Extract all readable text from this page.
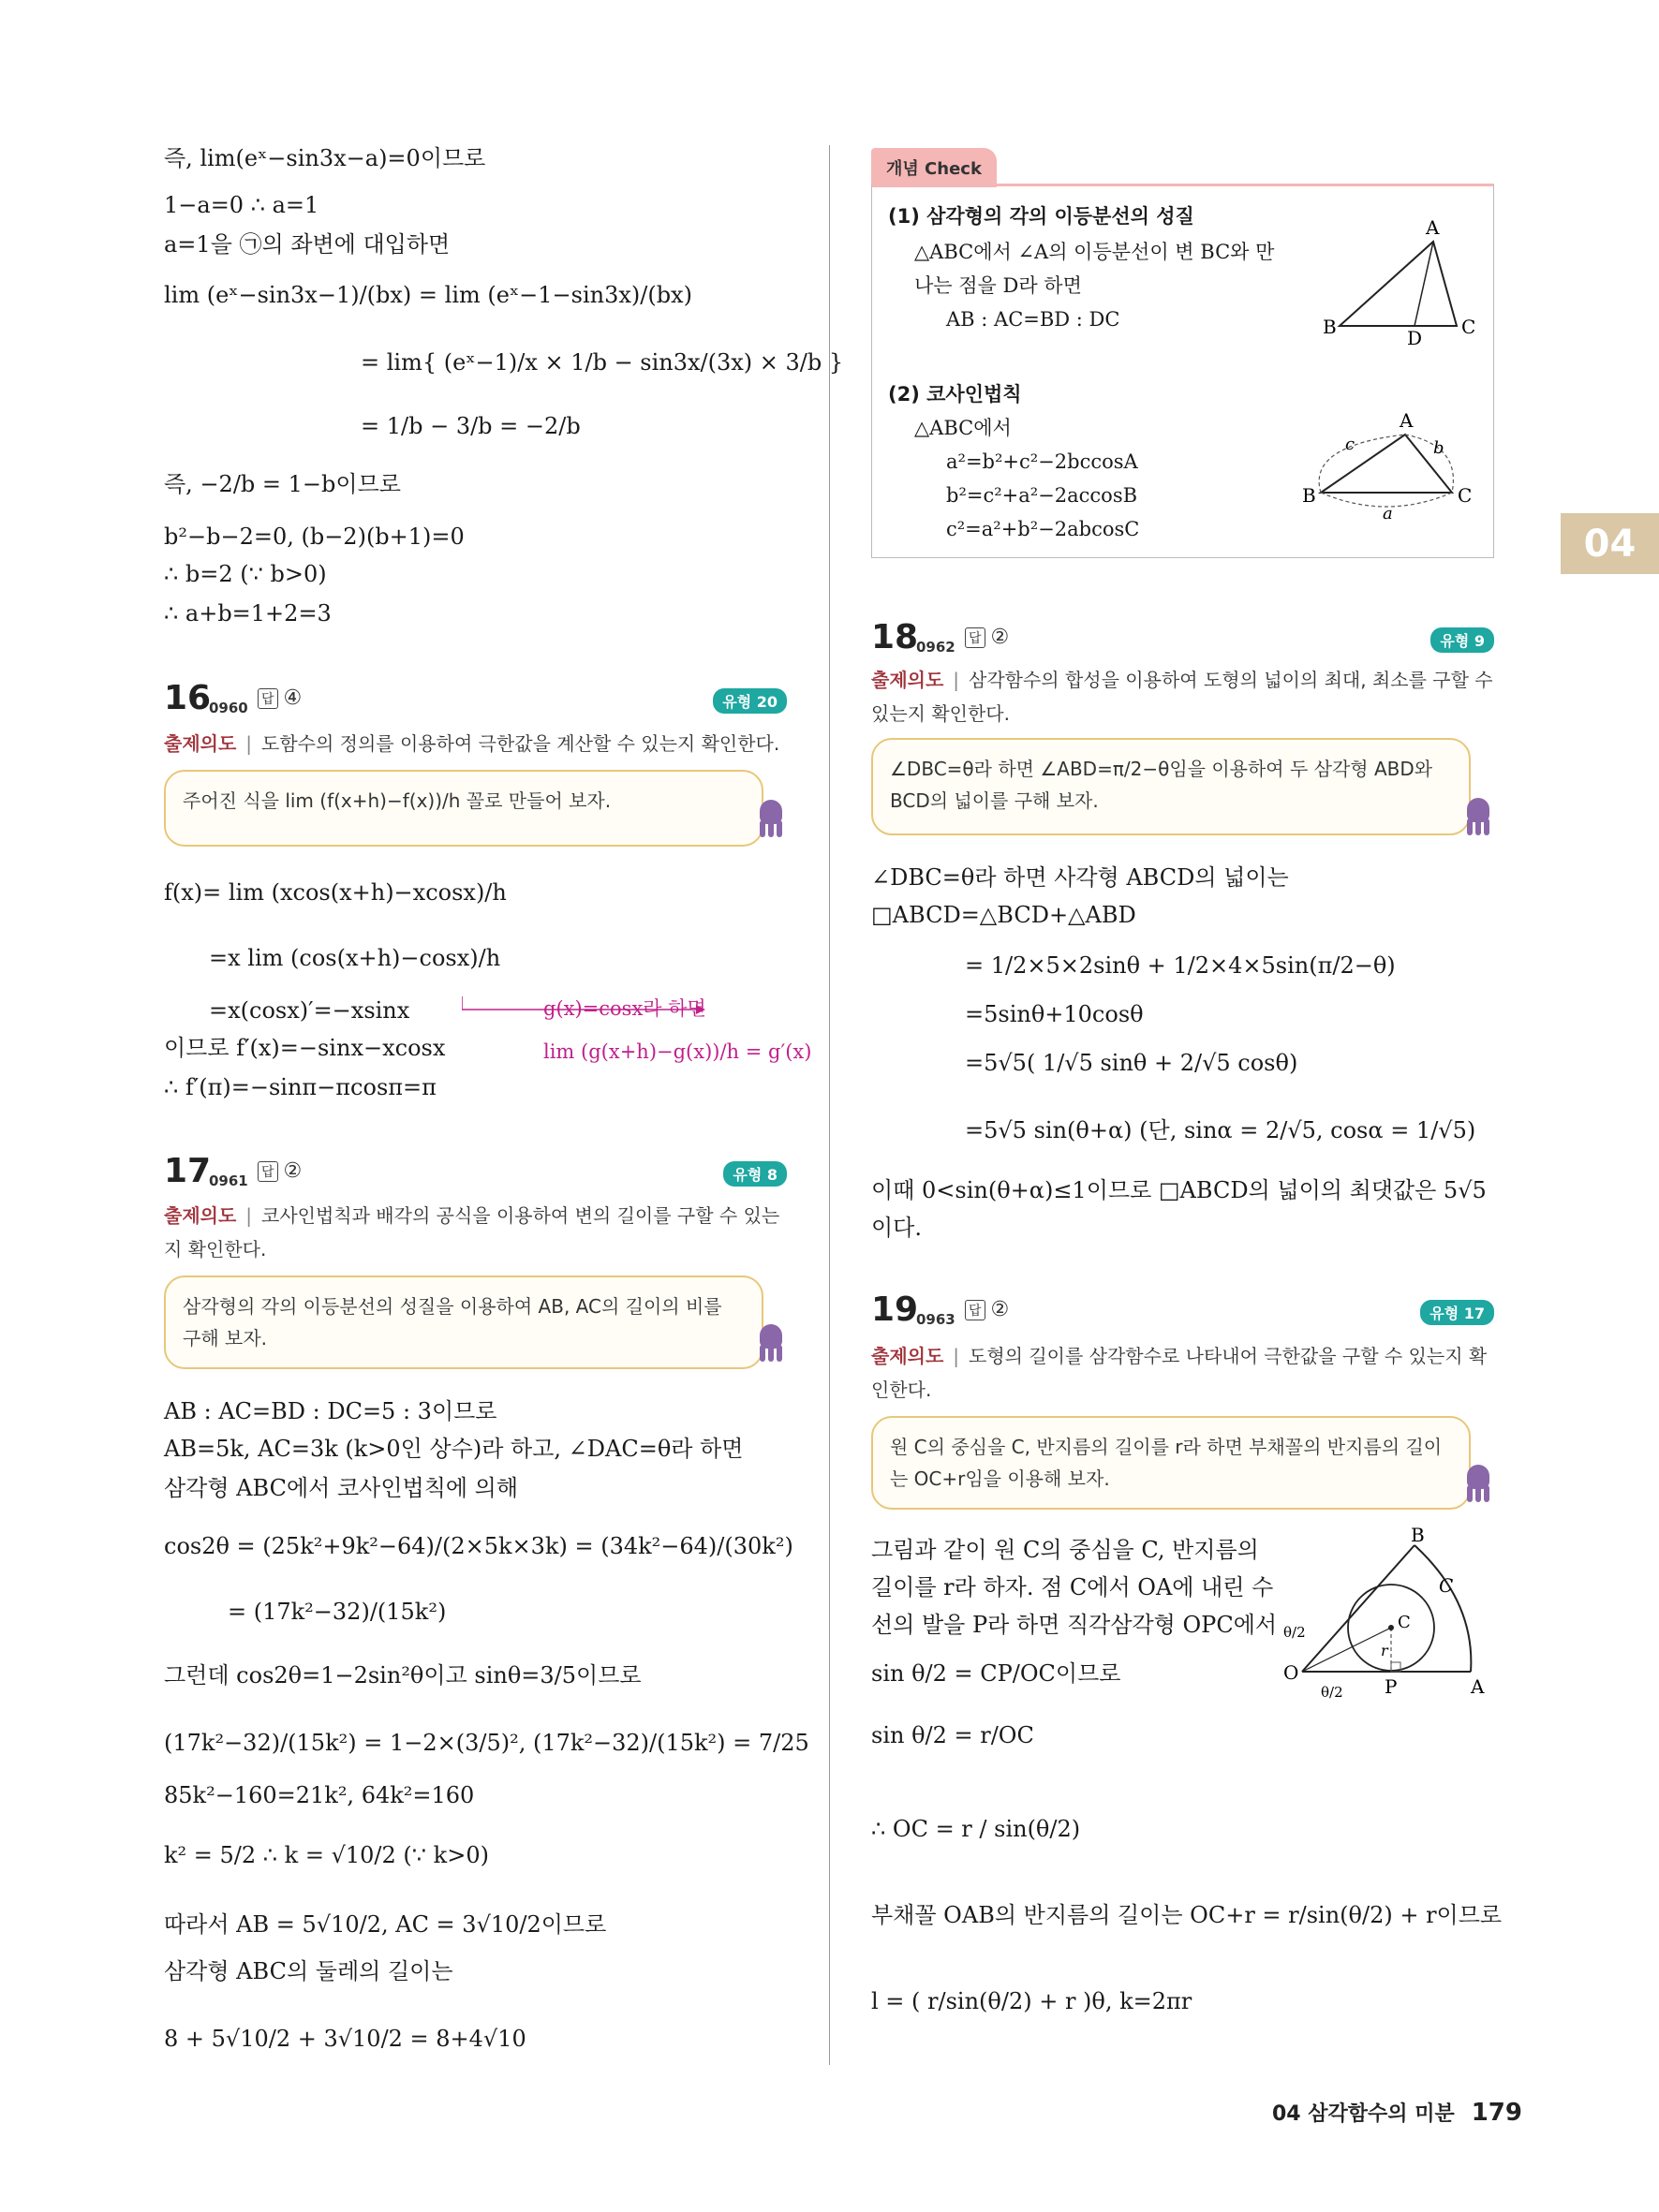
04
즉, lim(eˣ−sin3x−a)=0이므로
1−a=0 ∴ a=1
a=1을 ㉠의 좌변에 대입하면
lim (eˣ−sin3x−1)/(bx) = lim (eˣ−1−sin3x)/(bx)
= lim{ (eˣ−1)/x × 1/b − sin3x/(3x) × 3/b }
= 1/b − 3/b = −2/b
즉, −2/b = 1−b이므로
b²−b−2=0, (b−2)(b+1)=0
∴ b=2 (∵ b>0)
∴ a+b=1+2=3
16
0960 답 ④	유형 20
출제의도 | 도함수의 정의를 이용하여 극한값을 계산할 수 있는지 확인한다.
주어진 식을 lim (f(x+h)−f(x))/h 꼴로 만들어 보자.
f(x)= lim (xcos(x+h)−xcosx)/h
=x lim (cos(x+h)−cosx)/h
=x(cosx)′=−xsinx
이므로 f′(x)=−sinx−xcosx
∴ f′(π)=−sinπ−πcosπ=π
g(x)=cosx라 하면
lim (g(x+h)−g(x))/h = g′(x)
17
0961 답 ②	유형 8
출제의도 | 코사인법칙과 배각의 공식을 이용하여 변의 길이를 구할 수 있는지 확인한다.
삼각형의 각의 이등분선의 성질을 이용하여 AB, AC의 길이의 비를 구해 보자.
AB : AC=BD : DC=5 : 3이므로
AB=5k, AC=3k (k>0인 상수)라 하고, ∠DAC=θ라 하면
삼각형 ABC에서 코사인법칙에 의해
cos2θ = (25k²+9k²−64)/(2×5k×3k) = (34k²−64)/(30k²)
= (17k²−32)/(15k²)
그런데 cos2θ=1−2sin²θ이고 sinθ=3/5이므로
(17k²−32)/(15k²) = 1−2×(3/5)², (17k²−32)/(15k²) = 7/25
85k²−160=21k², 64k²=160
k² = 5/2 ∴ k = √10/2 (∵ k>0)
따라서 AB = 5√10/2, AC = 3√10/2이므로
삼각형 ABC의 둘레의 길이는
8 + 5√10/2 + 3√10/2 = 8+4√10
개념 Check
(1) 삼각형의 각의 이등분선의 성질
△ABC에서 ∠A의 이등분선이 변 BC와 만
나는 점을 D라 하면
AB : AC=BD : DC
A
B	D C
(2) 코사인법칙
△ABC에서
a²=b²+c²−2bccosA
b²=c²+a²−2accosB
c²=a²+b²−2abcosC
A
B	C
c	b
a
18
0962 답 ②	유형 9
출제의도 | 삼각함수의 합성을 이용하여 도형의 넓이의 최대, 최소를 구할 수 있는지 확인한다.
∠DBC=θ라 하면 ∠ABD=π/2−θ임을 이용하여 두 삼각형 ABD와 BCD의 넓이를 구해 보자.
∠DBC=θ라 하면 사각형 ABCD의 넓이는
□ABCD=△BCD+△ABD
= 1/2×5×2sinθ + 1/2×4×5sin(π/2−θ)
=5sinθ+10cosθ
=5√5( 1/√5 sinθ + 2/√5 cosθ)
=5√5 sin(θ+α) (단, sinα = 2/√5, cosα = 1/√5)
이때 0<sin(θ+α)≤1이므로 □ABCD의 넓이의 최댓값은 5√5
이다.
19
0963 답 ②	유형 17
출제의도 | 도형의 길이를 삼각함수로 나타내어 극한값을 구할 수 있는지 확인한다.
원 C의 중심을 C, 반지름의 길이를 r라 하면 부채꼴의 반지름의 길이는 OC+r임을 이용해 보자.
그림과 같이 원 C의 중심을 C, 반지름의
길이를 r라 하자. 점 C에서 OA에 내린 수
선의 발을 P라 하면 직각삼각형 OPC에서
sin θ/2 = CP/OC이므로
sin θ/2 = r/OC
∴ OC = r / sin(θ/2)
부채꼴 OAB의 반지름의 길이는 OC+r = r/sin(θ/2) + r이므로
l = ( r/sin(θ/2) + r )θ, k=2πr
B
C
C
r
θ/2
θ/2
O
P	A
04 삼각함수의 미분 179
